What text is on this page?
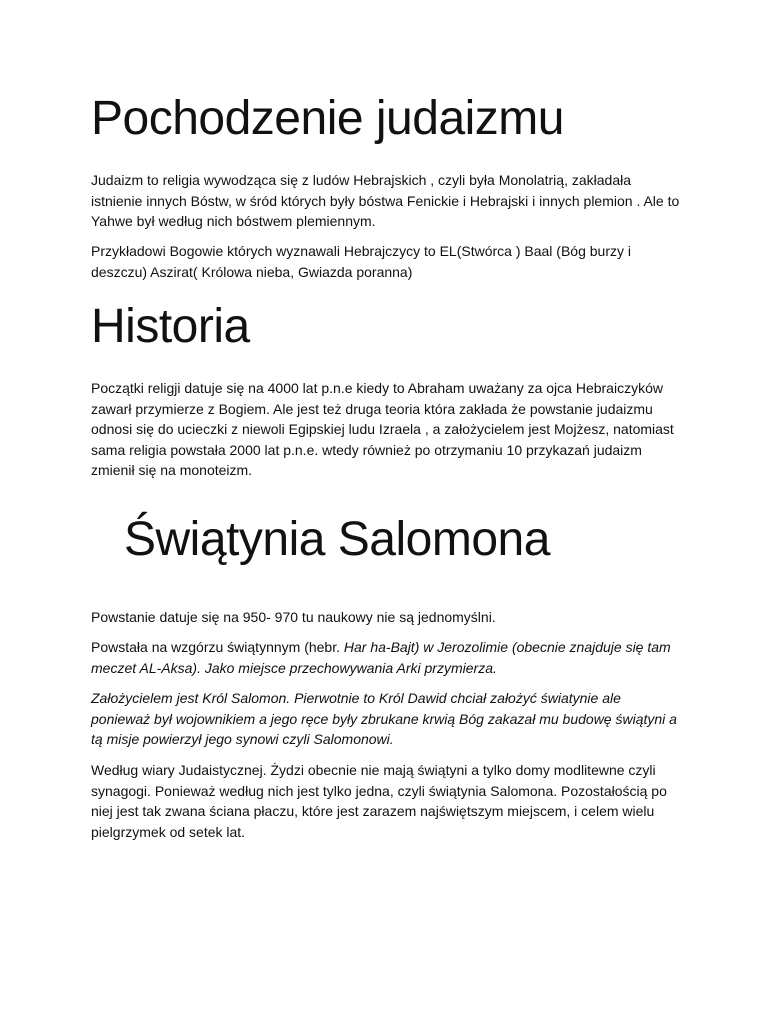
Pochodzenie judaizmu

Judaizm to religia wywodząca się z ludów Hebrajskich , czyli była Monolatrią, zakładała istnienie innych Bóstw, w śród których były bóstwa Fenickie i Hebrajski i innych plemion . Ale to Yahwe był według nich bóstwem plemiennym.

Przykładowi Bogowie których wyznawali Hebrajczycy to EL(Stwórca ) Baal (Bóg burzy i deszczu) Aszirat( Królowa nieba, Gwiazda poranna)

Historia

Początki religji datuje się na 4000 lat p.n.e kiedy to Abraham uważany za ojca Hebraiczyków zawarł przymierze z Bogiem. Ale jest też druga teoria która zakłada że powstanie judaizmu odnosi się do ucieczki z niewoli Egipskiej ludu Izraela , a założycielem jest Mojżesz, natomiast sama religia powstała 2000 lat p.n.e. wtedy również po otrzymaniu 10 przykazań judaizm zmienił się na monoteizm.

Świątynia Salomona

Powstanie datuje się na 950- 970 tu naukowy nie są jednomyślni.

Powstała na wzgórzu świątynnym (hebr. Har ha-Bajt) w Jerozolimie (obecnie znajduje się tam meczet AL-Aksa). Jako miejsce przechowywania Arki przymierza.

Założycielem jest Król Salomon. Pierwotnie to Król Dawid chciał założyć światynie ale ponieważ był wojownikiem a jego ręce były zbrukane krwią Bóg zakazał mu budowę świątyni a tą misje powierzył jego synowi czyli Salomonowi.

Według wiary Judaistycznej. Żydzi obecnie nie mają świątyni a tylko domy modlitewne czyli synagogi. Ponieważ według nich jest tylko jedna, czyli świątynia Salomona. Pozostałością po niej jest tak zwana ściana płaczu, które jest zarazem najświętszym miejscem, i celem wielu pielgrzymek od setek lat.
